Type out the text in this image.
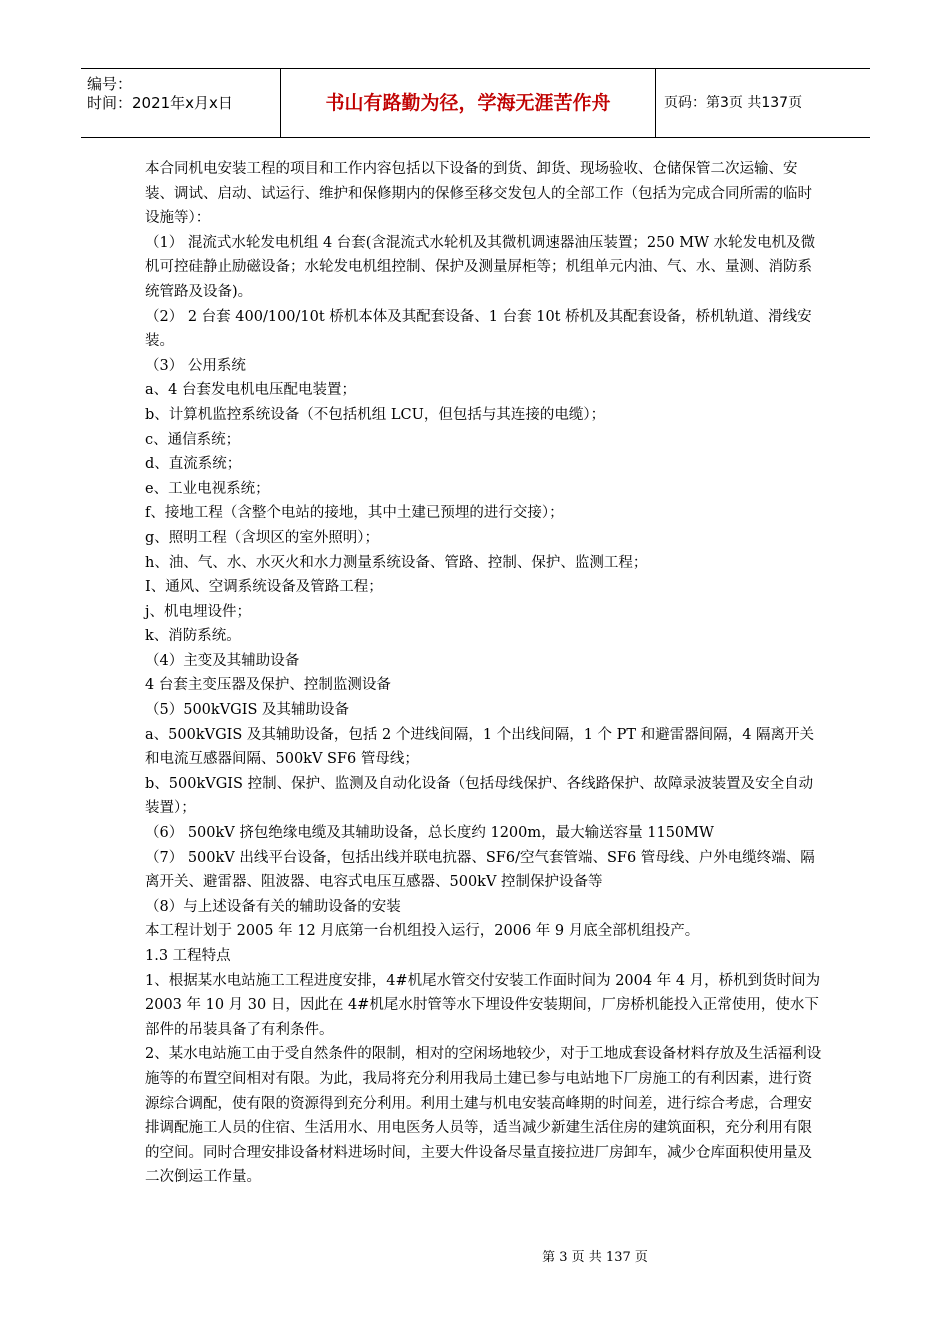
编号：
时间：2021年x月x日	书山有路勤为径，学海无涯苦作舟	页码：第3页 共137页

本合同机电安装工程的项目和工作内容包括以下设备的到货、卸货、现场验收、仓储保管二次运输、安装、调试、启动、试运行、维护和保修期内的保修至移交发包人的全部工作（包括为完成合同所需的临时设施等）：

（1） 混流式水轮发电机组 4 台套(含混流式水轮机及其微机调速器油压装置；250 MW 水轮发电机及微机可控硅静止励磁设备；水轮发电机组控制、保护及测量屏柜等；机组单元内油、气、水、量测、消防系统管路及设备)。

（2） 2 台套 400/100/10t 桥机本体及其配套设备、1 台套 10t 桥机及其配套设备，桥机轨道、滑线安装。

（3） 公用系统

a、4 台套发电机电压配电装置；

b、计算机监控系统设备（不包括机组 LCU，但包括与其连接的电缆）；

c、通信系统；

d、直流系统；

e、工业电视系统；

f、接地工程（含整个电站的接地，其中土建已预埋的进行交接）；

g、照明工程（含坝区的室外照明）；

h、油、气、水、水灭火和水力测量系统设备、管路、控制、保护、监测工程；

I、通风、空调系统设备及管路工程；

j、机电埋设件；

k、消防系统。

（4）主变及其辅助设备

4 台套主变压器及保护、控制监测设备

（5）500kVGIS 及其辅助设备

a、500kVGIS 及其辅助设备，包括 2 个进线间隔，1 个出线间隔，1 个 PT 和避雷器间隔，4 隔离开关和电流互感器间隔、500kV SF6 管母线；

b、500kVGIS 控制、保护、监测及自动化设备（包括母线保护、各线路保护、故障录波装置及安全自动装置）；

（6） 500kV 挤包绝缘电缆及其辅助设备，总长度约 1200m，最大输送容量 1150MW

（7） 500kV 出线平台设备，包括出线并联电抗器、SF6/空气套管端、SF6 管母线、户外电缆终端、隔离开关、避雷器、阻波器、电容式电压互感器、500kV 控制保护设备等

（8）与上述设备有关的辅助设备的安装

本工程计划于 2005 年 12 月底第一台机组投入运行，2006 年 9 月底全部机组投产。

1.3 工程特点

1、根据某水电站施工工程进度安排，4#机尾水管交付安装工作面时间为 2004 年 4 月，桥机到货时间为 2003 年 10 月 30 日，因此在 4#机尾水肘管等水下埋设件安装期间，厂房桥机能投入正常使用，使水下部件的吊装具备了有利条件。

2、某水电站施工由于受自然条件的限制，相对的空闲场地较少，对于工地成套设备材料存放及生活福利设施等的布置空间相对有限。为此，我局将充分利用我局土建已参与电站地下厂房施工的有利因素，进行资源综合调配，使有限的资源得到充分利用。利用土建与机电安装高峰期的时间差，进行综合考虑，合理安排调配施工人员的住宿、生活用水、用电医务人员等，适当减少新建生活住房的建筑面积，充分利用有限的空间。同时合理安排设备材料进场时间，主要大件设备尽量直接拉进厂房卸车，减少仓库面积使用量及二次倒运工作量。

第 3 页 共 137 页
